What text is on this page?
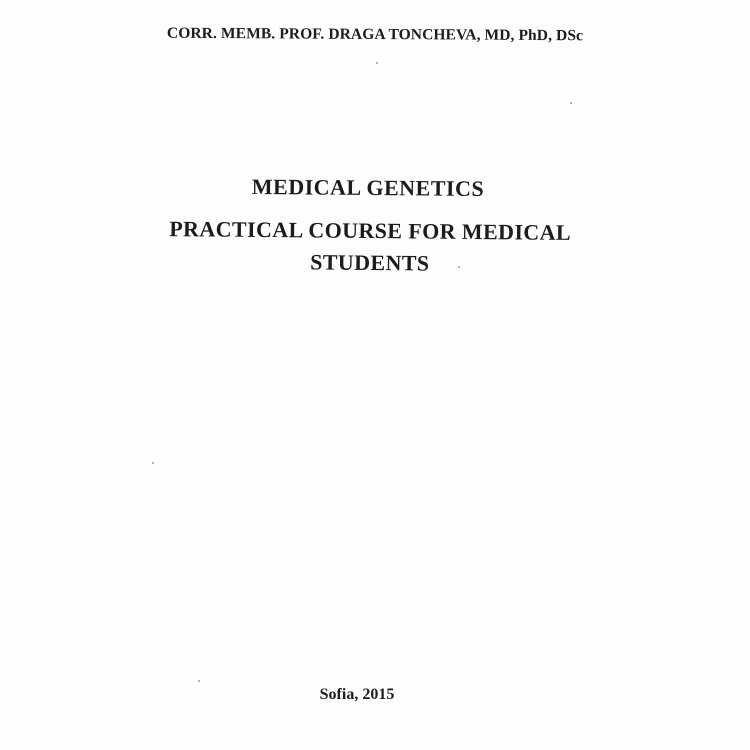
CORR. MEMB. PROF. DRAGA TONCHEVA, MD, PhD, DSc
MEDICAL GENETICS
PRACTICAL COURSE FOR MEDICAL STUDENTS
Sofia, 2015
